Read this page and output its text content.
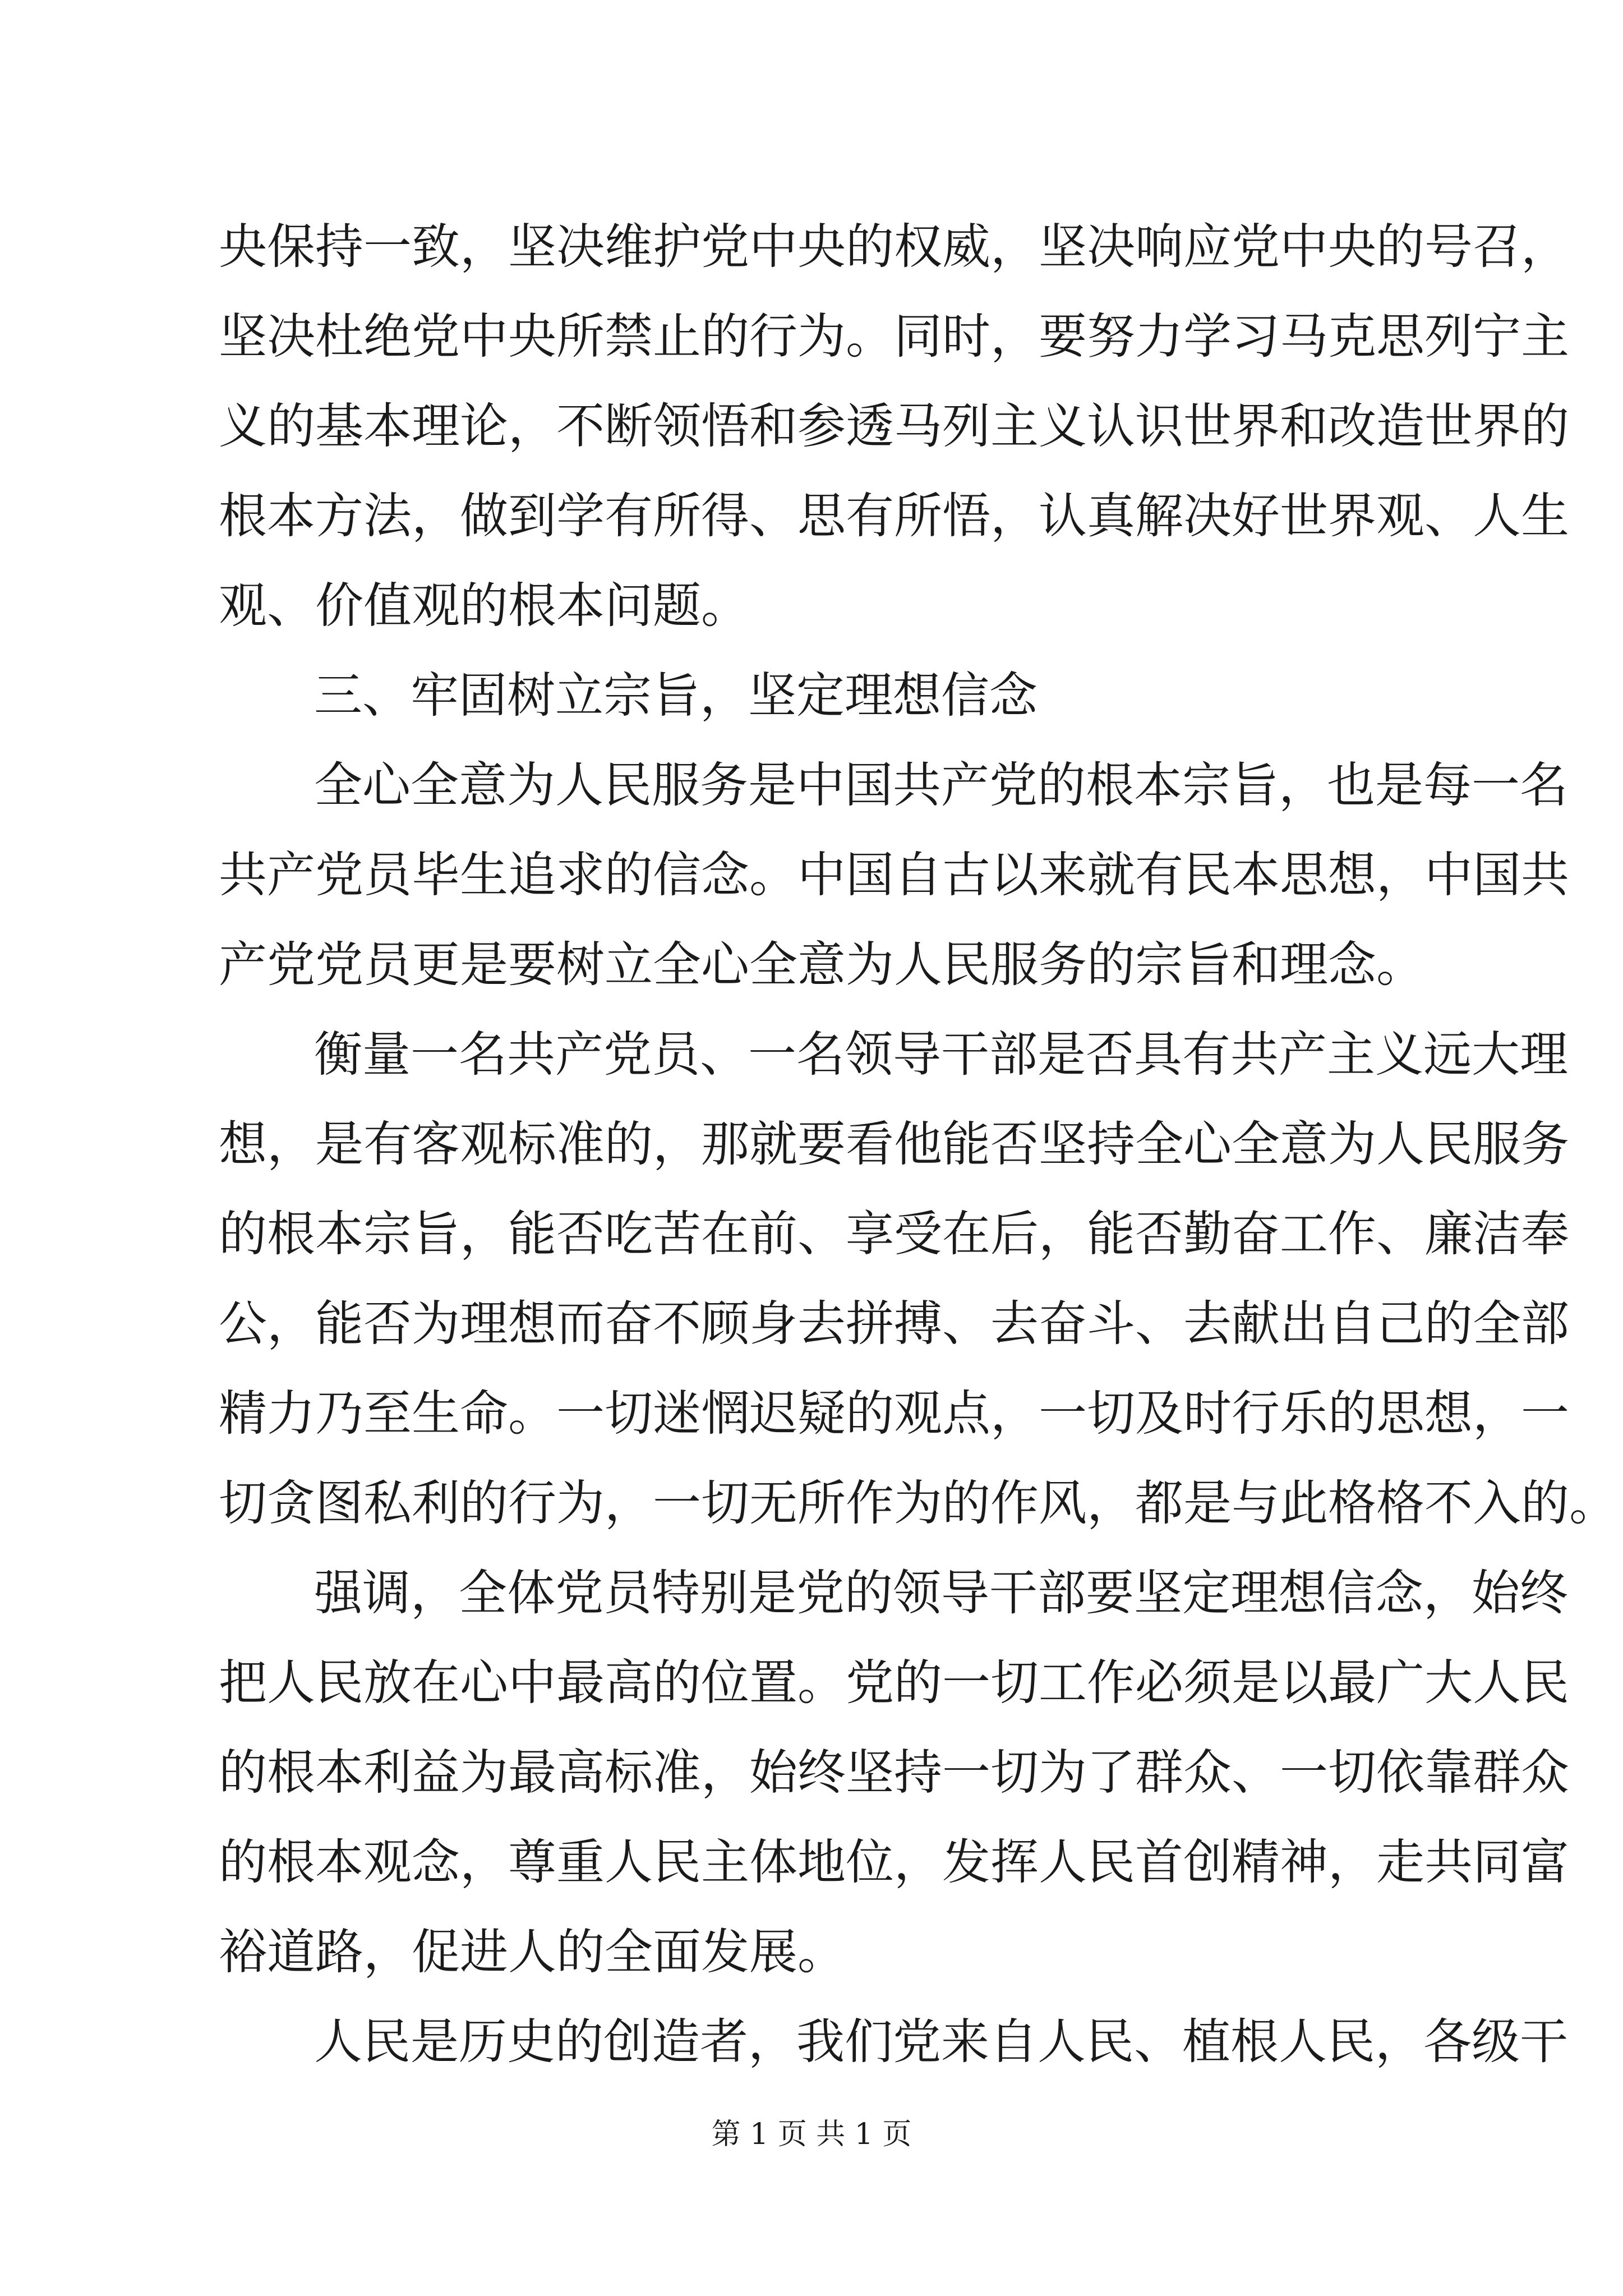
央保持一致，坚决维护党中央的权威，坚决响应党中央的号召，

坚决杜绝党中央所禁止的行为。同时，要努力学习马克思列宁主

义的基本理论，不断领悟和参透马列主义认识世界和改造世界的

根本方法，做到学有所得、思有所悟，认真解决好世界观、人生

观、价值观的根本问题。

三、牢固树立宗旨，坚定理想信念

全心全意为人民服务是中国共产党的根本宗旨，也是每一名

共产党员毕生追求的信念。中国自古以来就有民本思想，中国共

产党党员更是要树立全心全意为人民服务的宗旨和理念。

衡量一名共产党员、一名领导干部是否具有共产主义远大理

想，是有客观标准的，那就要看他能否坚持全心全意为人民服务

的根本宗旨，能否吃苦在前、享受在后，能否勤奋工作、廉洁奉

公，能否为理想而奋不顾身去拼搏、去奋斗、去献出自己的全部

精力乃至生命。一切迷惘迟疑的观点，一切及时行乐的思想，一

切贪图私利的行为，一切无所作为的作风，都是与此格格不入的。

强调，全体党员特别是党的领导干部要坚定理想信念，始终

把人民放在心中最高的位置。党的一切工作必须是以最广大人民

的根本利益为最高标准，始终坚持一切为了群众、一切依靠群众

的根本观念，尊重人民主体地位，发挥人民首创精神，走共同富

裕道路，促进人的全面发展。

人民是历史的创造者，我们党来自人民、植根人民，各级干

第 1 页 共 1 页
